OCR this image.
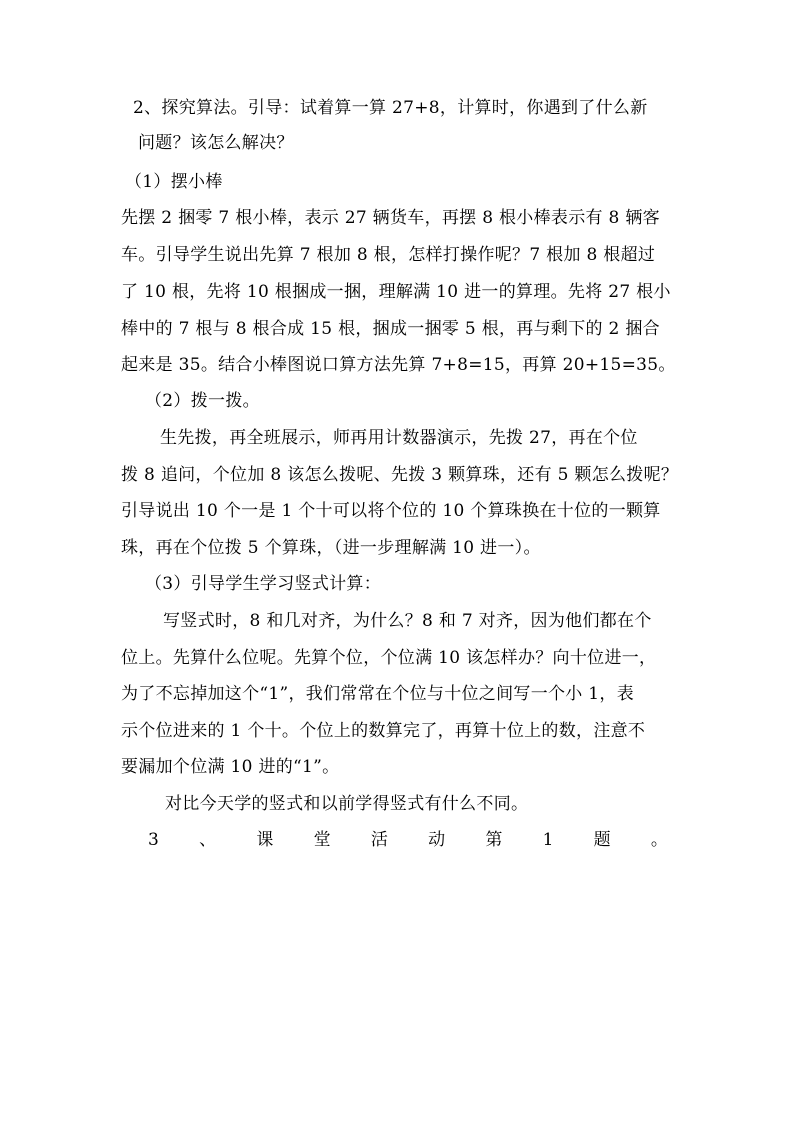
2、探究算法。引导：试着算一算 27+8，计算时，你遇到了什么新
问题？该怎么解决？
（1）摆小棒
先摆 2 捆零 7 根小棒，表示 27 辆货车，再摆 8 根小棒表示有 8 辆客
车。引导学生说出先算 7 根加 8 根，怎样打操作呢？7 根加 8 根超过
了 10 根，先将 10 根捆成一捆，理解满 10 进一的算理。先将 27 根小
棒中的 7 根与 8 根合成 15 根，捆成一捆零 5 根，再与剩下的 2 捆合
起来是 35。结合小棒图说口算方法先算 7+8=15，再算 20+15=35。
（2）拨一拨。
生先拨，再全班展示，师再用计数器演示，先拨 27，再在个位
拨 8 追问，个位加 8 该怎么拨呢、先拨 3 颗算珠，还有 5 颗怎么拨呢？
引导说出 10 个一是 1 个十可以将个位的 10 个算珠换在十位的一颗算
珠，再在个位拨 5 个算珠，（进一步理解满 10 进一）。
（3）引导学生学习竖式计算：
写竖式时，8 和几对齐，为什么？8 和 7 对齐，因为他们都在个
位上。先算什么位呢。先算个位，个位满 10 该怎样办？向十位进一，
为了不忘掉加这个“1”，我们常常在个位与十位之间写一个小 1，表
示个位进来的 1 个十。个位上的数算完了，再算十位上的数，注意不
要漏加个位满 10 进的“1”。
对比今天学的竖式和以前学得竖式有什么不同。
3 、 课 堂 活 动 第 1 题 。
